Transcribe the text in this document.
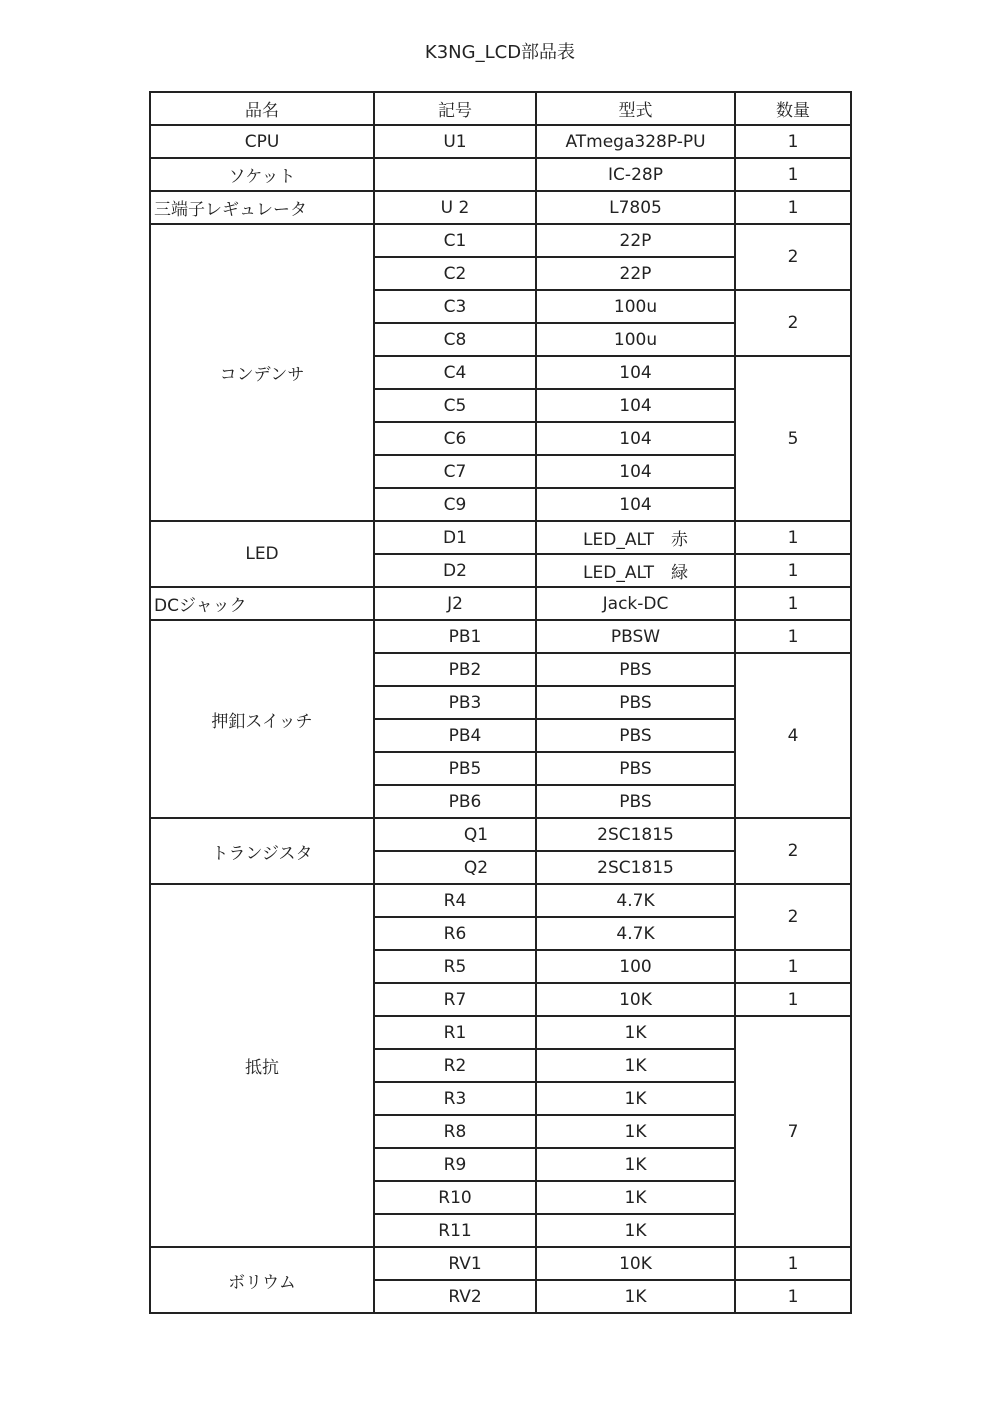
K3NG_LCD部品表
品名	記号	型式	数量
CPU	U1	ATmega328P-PU	1
ソケット		IC-28P	1
三端子レギュレータ	U 2	L7805	1
コンデンサ	C1	22P	2
	C2	22P	
	C3	100u	2
	C8	100u	
	C4	104	5
	C5	104	
	C6	104	
	C7	104	
	C9	104	
LED	D1	LED_ALT　赤	1
	D2	LED_ALT　緑	1
DCジャック	J2	Jack-DC	1
押釦スイッチ	PB1	PBSW	1
	PB2	PBS	4
	PB3	PBS	
	PB4	PBS	
	PB5	PBS	
	PB6	PBS	
トランジスタ	Q1	2SC1815	2
	Q2	2SC1815	
抵抗	R4	4.7K	2
	R6	4.7K	
	R5	100	1
	R7	10K	1
	R1	1K	7
	R2	1K	
	R3	1K	
	R8	1K	
	R9	1K	
	R10	1K	
	R11	1K	
ボリウム	RV1	10K	1
	RV2	1K	1
